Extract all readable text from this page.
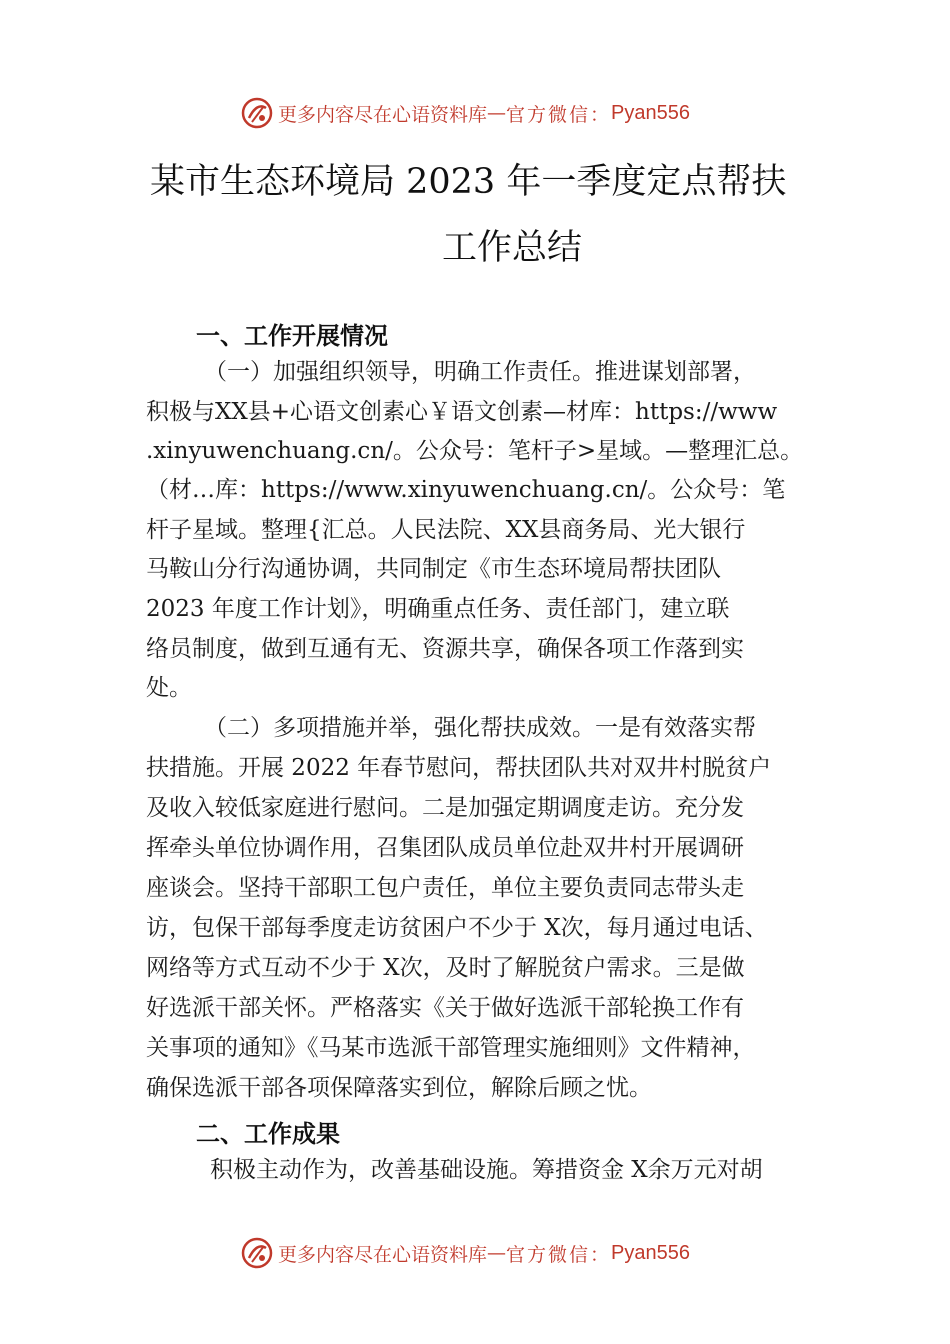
更多内容尽在心语资料库 — 官方微信： Pyan556
某市生态环境局 2023 年一季度定点帮扶
工作总结
一、工作开展情况
（一）加强组织领导，明确工作责任。推进谋划部署，
积极与XX县+心语文创素心￥语文创素—材库：https://www
.xinyuwenchuang.cn/。公众号：笔杆子>星域。—整理汇总。
（材…库：https://www.xinyuwenchuang.cn/。公众号：笔
杆子星域。整理{汇总。人民法院、XX县商务局、光大银行
马鞍山分行沟通协调，共同制定《市生态环境局帮扶团队
2023 年度工作计划》，明确重点任务、责任部门，建立联
络员制度，做到互通有无、资源共享，确保各项工作落到实
处。
（二）多项措施并举，强化帮扶成效。一是有效落实帮
扶措施。开展 2022 年春节慰问，帮扶团队共对双井村脱贫户
及收入较低家庭进行慰问。二是加强定期调度走访。充分发
挥牵头单位协调作用，召集团队成员单位赴双井村开展调研
座谈会。坚持干部职工包户责任，单位主要负责同志带头走
访，包保干部每季度走访贫困户不少于 X次，每月通过电话、
网络等方式互动不少于 X次，及时了解脱贫户需求。三是做
好选派干部关怀。严格落实《关于做好选派干部轮换工作有
关事项的通知》《马某市选派干部管理实施细则》文件精神，
确保选派干部各项保障落实到位，解除后顾之忧。
二、工作成果
积极主动作为，改善基础设施。筹措资金 X余万元对胡
更多内容尽在心语资料库 — 官方微信： Pyan556
